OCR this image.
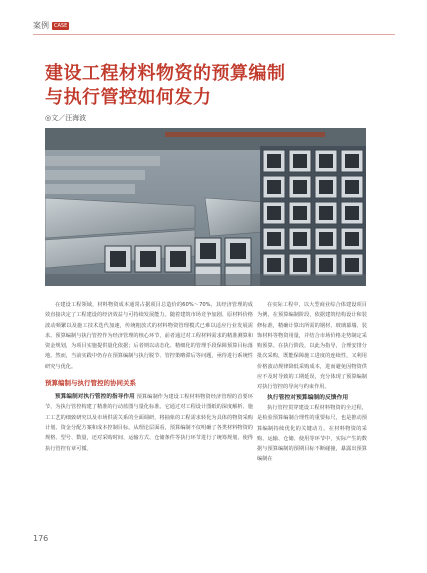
案例	CASE
建设工程材料物资的预算编制
与执行管控如何发力
◎文／汪海波

在建设工程领域，材料物资成本通常占据项目总造价的60%～70%，其经济管理的成效直接决定了工程建设的经济效益与可持续发展能力。随着建筑市场竞争加剧、原材料价格波动频繁以及施工技术迭代加速，传统粗放式的材料物资管理模式已难以适应行业发展需求。预算编制与执行管控作为经济管理的核心环节，前者通过对工程材料需求的精准测算和资金规划，为项目实施提供量化依据；后者则以动态化、精细化的管理手段保障预算目标落地。然而，当前实践中仍存在预算编制与执行脱节、管控策略滞后等问题，亟待进行系统性研究与优化。

预算编制与执行管控的协同关系

预算编制对执行管控的指导作用 预算编制作为建设工程材料物资经济管理的首要环节，为执行管控构建了精准的行动蓝图与量化标准。它通过对工程设计图纸的深度解析、施工工艺的细致研究以及市场供需关系的全面调研，将抽象的工程需求转化为具体的物资采购计划、资金分配方案和成本控制目标。从理论层面看，预算编制不仅明确了各类材料物资的规格、型号、数量，还对采购时间、运输方式、仓储条件等执行环节进行了统筹规划，使得执行管控有章可循。

在实际工程中，以大型商业综合体建设项目为例，在预算编制阶段，依据建筑结构设计和装修标准，精确计算出所需的钢材、玻璃幕墙、装饰材料等物资用量，并结合市场价格走势制定采购预算。在执行阶段，以此为指导，合理安排分批次采购，既能保障施工进度的连续性，又利用价格波动规律降低采购成本，进而避免因物资供应不及时导致的工期延误，充分体现了预算编制对执行管控的导向与约束作用。

执行管控对预算编制的反馈作用

执行管控贯穿建设工程材料物资的全过程，是检验预算编制合理性的重要标尺，也是推动预算编制持续优化的关键动力。在材料物资的采购、运输、仓储、使用等环节中，实际产生的数据与预算编制的预期目标不断碰撞，暴露出预算编制在

176
